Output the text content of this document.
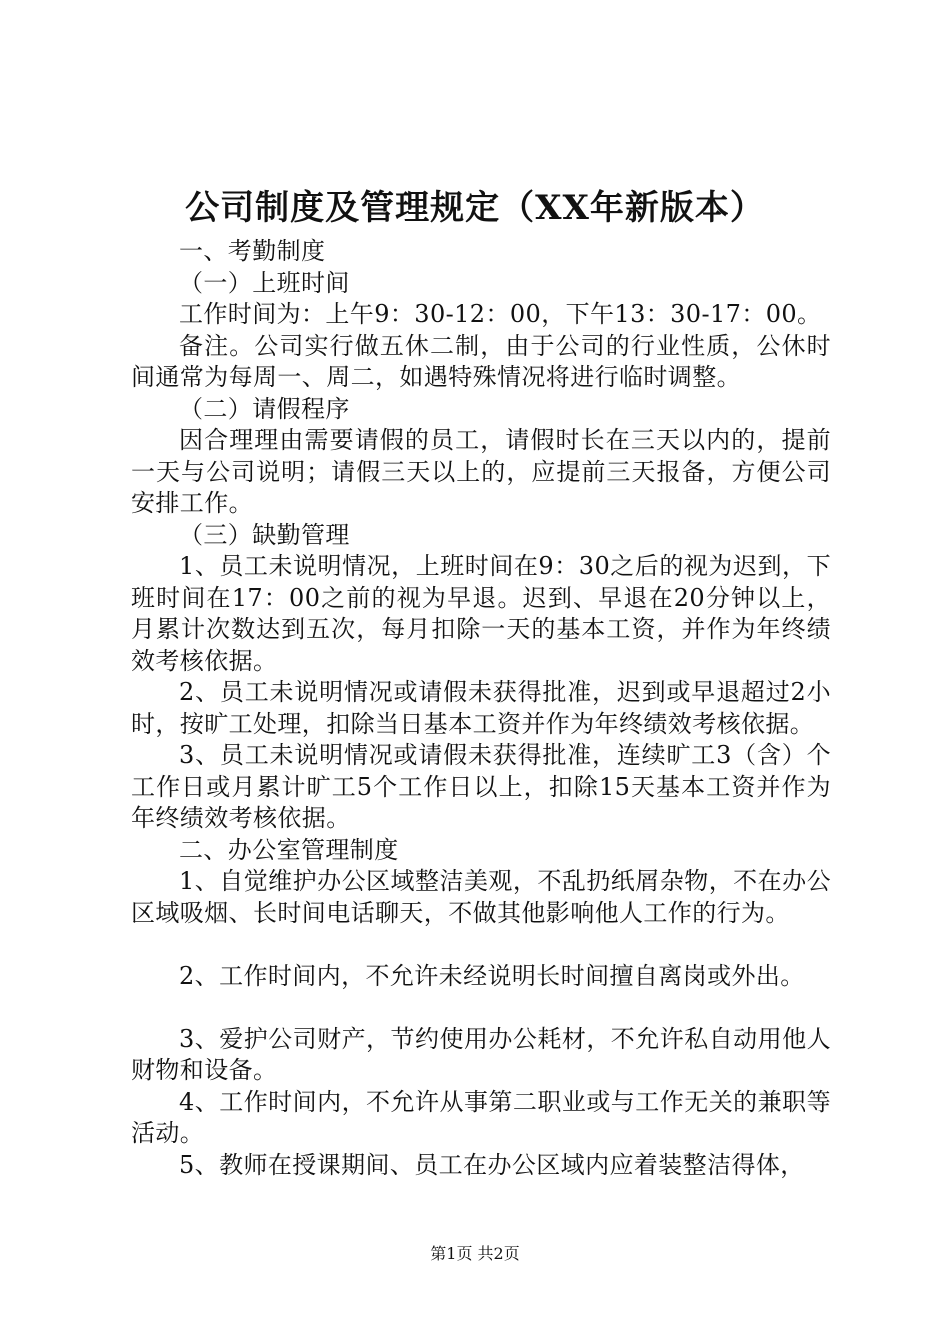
公司制度及管理规定（XX年新版本）

一、考勤制度

（一）上班时间

工作时间为：上午9：30-12：00，下午13：30-17：00。

备注。公司实行做五休二制，由于公司的行业性质，公休时间通常为每周一、周二，如遇特殊情况将进行临时调整。

（二）请假程序

因合理理由需要请假的员工，请假时长在三天以内的，提前一天与公司说明；请假三天以上的，应提前三天报备，方便公司安排工作。

（三）缺勤管理

1、员工未说明情况，上班时间在9：30之后的视为迟到，下班时间在17：00之前的视为早退。迟到、早退在20分钟以上，月累计次数达到五次，每月扣除一天的基本工资，并作为年终绩效考核依据。

2、员工未说明情况或请假未获得批准，迟到或早退超过2小时，按旷工处理，扣除当日基本工资并作为年终绩效考核依据。

3、员工未说明情况或请假未获得批准，连续旷工3（含）个工作日或月累计旷工5个工作日以上，扣除15天基本工资并作为年终绩效考核依据。

二、办公室管理制度

1、自觉维护办公区域整洁美观，不乱扔纸屑杂物，不在办公区域吸烟、长时间电话聊天，不做其他影响他人工作的行为。

2、工作时间内，不允许未经说明长时间擅自离岗或外出。

3、爱护公司财产，节约使用办公耗材，不允许私自动用他人财物和设备。

4、工作时间内，不允许从事第二职业或与工作无关的兼职等活动。

5、教师在授课期间、员工在办公区域内应着装整洁得体，

第1页 共2页
